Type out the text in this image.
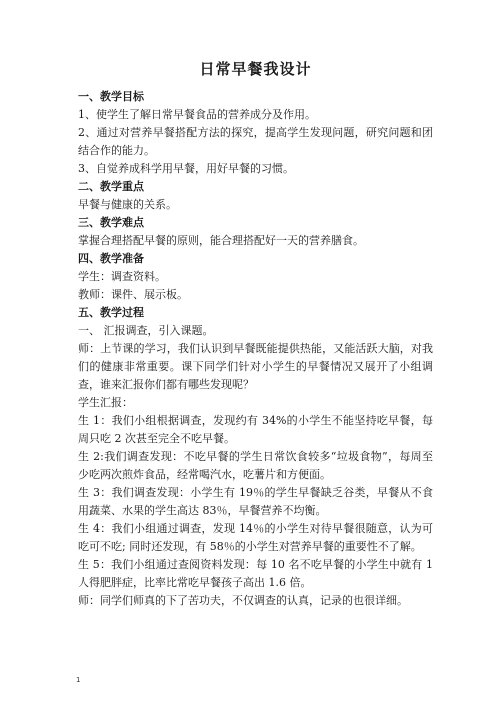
日常早餐我设计
一、教学目标

1、使学生了解日常早餐食品的营养成分及作用。

2、通过对营养早餐搭配方法的探究，提高学生发现问题，研究问题和团结合作的能力。

3、自觉养成科学用早餐，用好早餐的习惯。

二、教学重点

早餐与健康的关系。

三、教学难点

掌握合理搭配早餐的原则，能合理搭配好一天的营养膳食。

四、教学准备

学生：调查资料。

教师：课件、展示板。

五、教学过程

一、 汇报调查，引入课题。

师：上节课的学习，我们认识到早餐既能提供热能，又能活跃大脑，对我们的健康非常重要。课下同学们针对小学生的早餐情况又展开了小组调查，谁来汇报你们都有哪些发现呢？

学生汇报：

生 1：我们小组根据调查，发现约有 34%的小学生不能坚持吃早餐，每周只吃 2 次甚至完全不吃早餐。

生 2:我们调查发现：不吃早餐的学生日常饮食较多“垃圾食物”，每周至少吃两次煎炸食品，经常喝汽水，吃薯片和方便面。

生 3：我们调查发现：小学生有 19％的学生早餐缺乏谷类，早餐从不食用蔬菜、水果的学生高达 83％，早餐营养不均衡。

生 4：我们小组通过调查，发现 14％的小学生对待早餐很随意，认为可吃可不吃; 同时还发现，有 58％的小学生对营养早餐的重要性不了解。

生 5：我们小组通过查阅资料发现：每 10 名不吃早餐的小学生中就有 1 人得肥胖症，比率比常吃早餐孩子高出 1.6 倍。

师：同学们师真的下了苦功夫，不仅调查的认真，记录的也很详细。

1
